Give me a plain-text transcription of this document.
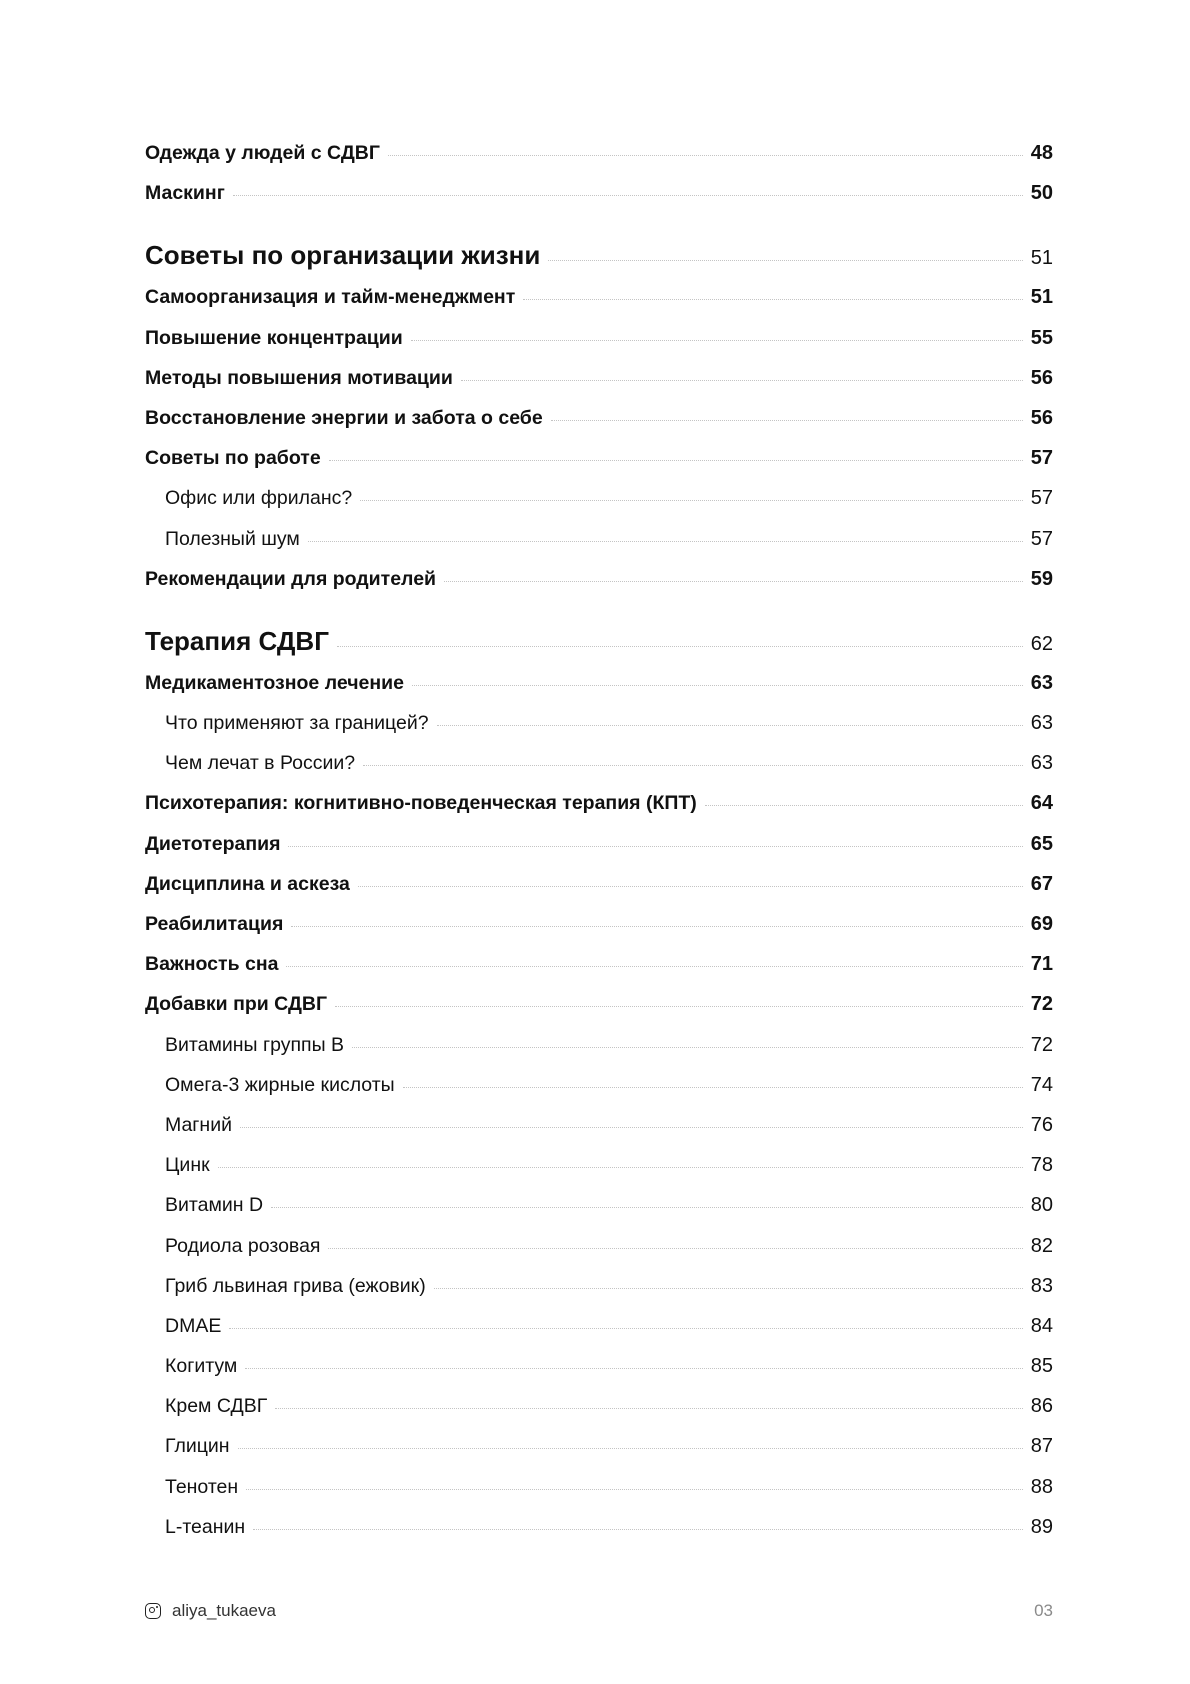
Одежда у людей с СДВГ	48
Маскинг	50
Советы по организации жизни	51
Самоорганизация и тайм-менеджмент	51
Повышение концентрации	55
Методы повышения мотивации	56
Восстановление энергии и забота о себе	56
Советы по работе	57
Офис или фриланс?	57
Полезный шум	57
Рекомендации для родителей	59
Терапия СДВГ	62
Медикаментозное лечение	63
Что применяют за границей?	63
Чем лечат в России?	63
Психотерапия: когнитивно-поведенческая терапия (КПТ)	64
Диетотерапия	65
Дисциплина и аскеза	67
Реабилитация	69
Важность сна	71
Добавки при СДВГ	72
Витамины группы В	72
Омега-3 жирные кислоты	74
Магний	76
Цинк	78
Витамин D	80
Родиола розовая	82
Гриб львиная грива (ежовик)	83
DMAE	84
Когитум	85
Крем СДВГ	86
Глицин	87
Тенотен	88
L-теанин	89
aliya_tukaeva	03
